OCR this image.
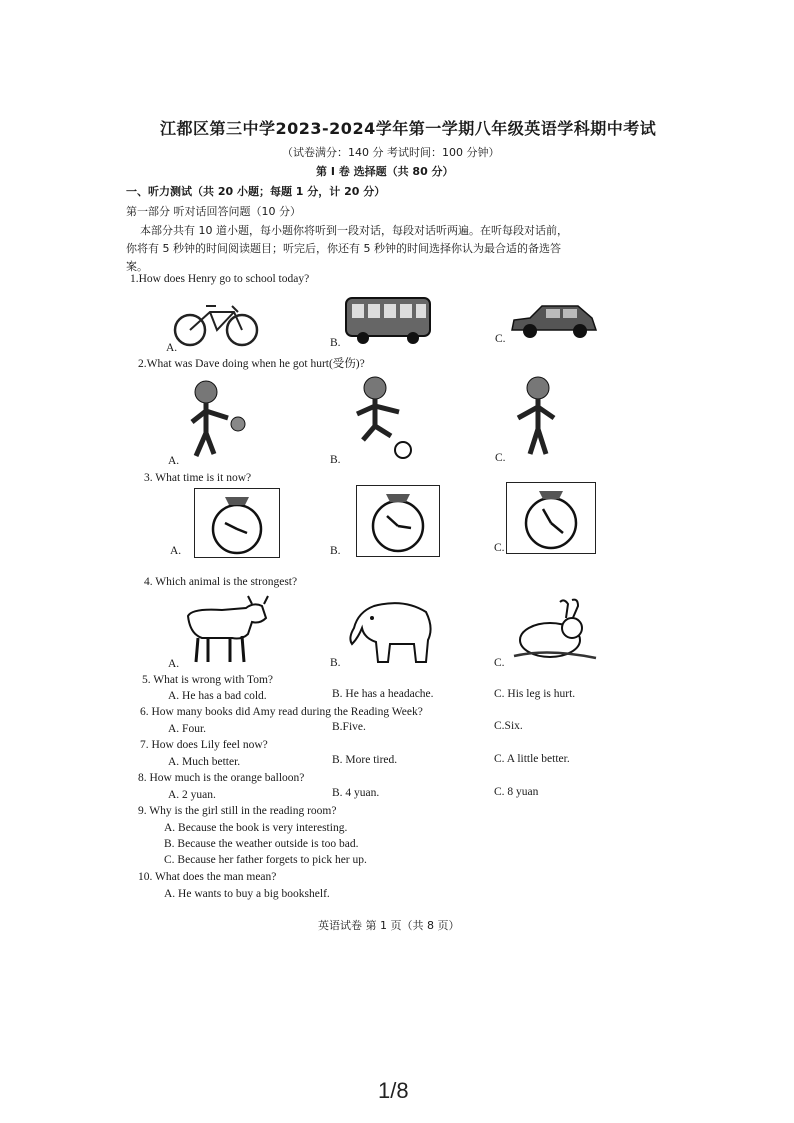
江都区第三中学2023-2024学年第一学期八年级英语学科期中考试
（试卷满分：140 分 考试时间：100 分钟）
第 I 卷 选择题（共 80 分）
一、听力测试（共 20 小题；每题 1 分，计 20 分）
第一部分 听对话回答问题（10 分）
本部分共有 10 道小题，每小题你将听到一段对话，每段对话听两遍。在听每段对话前，
你将有 5 秒钟的时间阅读题目；听完后，你还有 5 秒钟的时间选择你认为最合适的备选答
案。
1.How does Henry go to school today?
A.	B.	C.
2.What was Dave doing when he got hurt(受伤)?
A.	B.	C.
3. What time is it now?
A.	B.	C.
4. Which animal is the strongest?
A.	B.	C.
5. What is wrong with Tom?
A. He has a bad cold.	B. He has a headache.	C. His leg is hurt.
6. How many books did Amy read during the Reading Week?
A. Four.	B.Five.	C.Six.
7. How does Lily feel now?
A. Much better.	B. More tired.	C. A little better.
8. How much is the orange balloon?
A. 2 yuan.	B. 4 yuan.	C. 8 yuan
9. Why is the girl still in the reading room?
A. Because the book is very interesting.
B. Because the weather outside is too bad.
C. Because her father forgets to pick her up.
10. What does the man mean?
A. He wants to buy a big bookshelf.
英语试卷 第 1 页（共 8 页）
1/8
